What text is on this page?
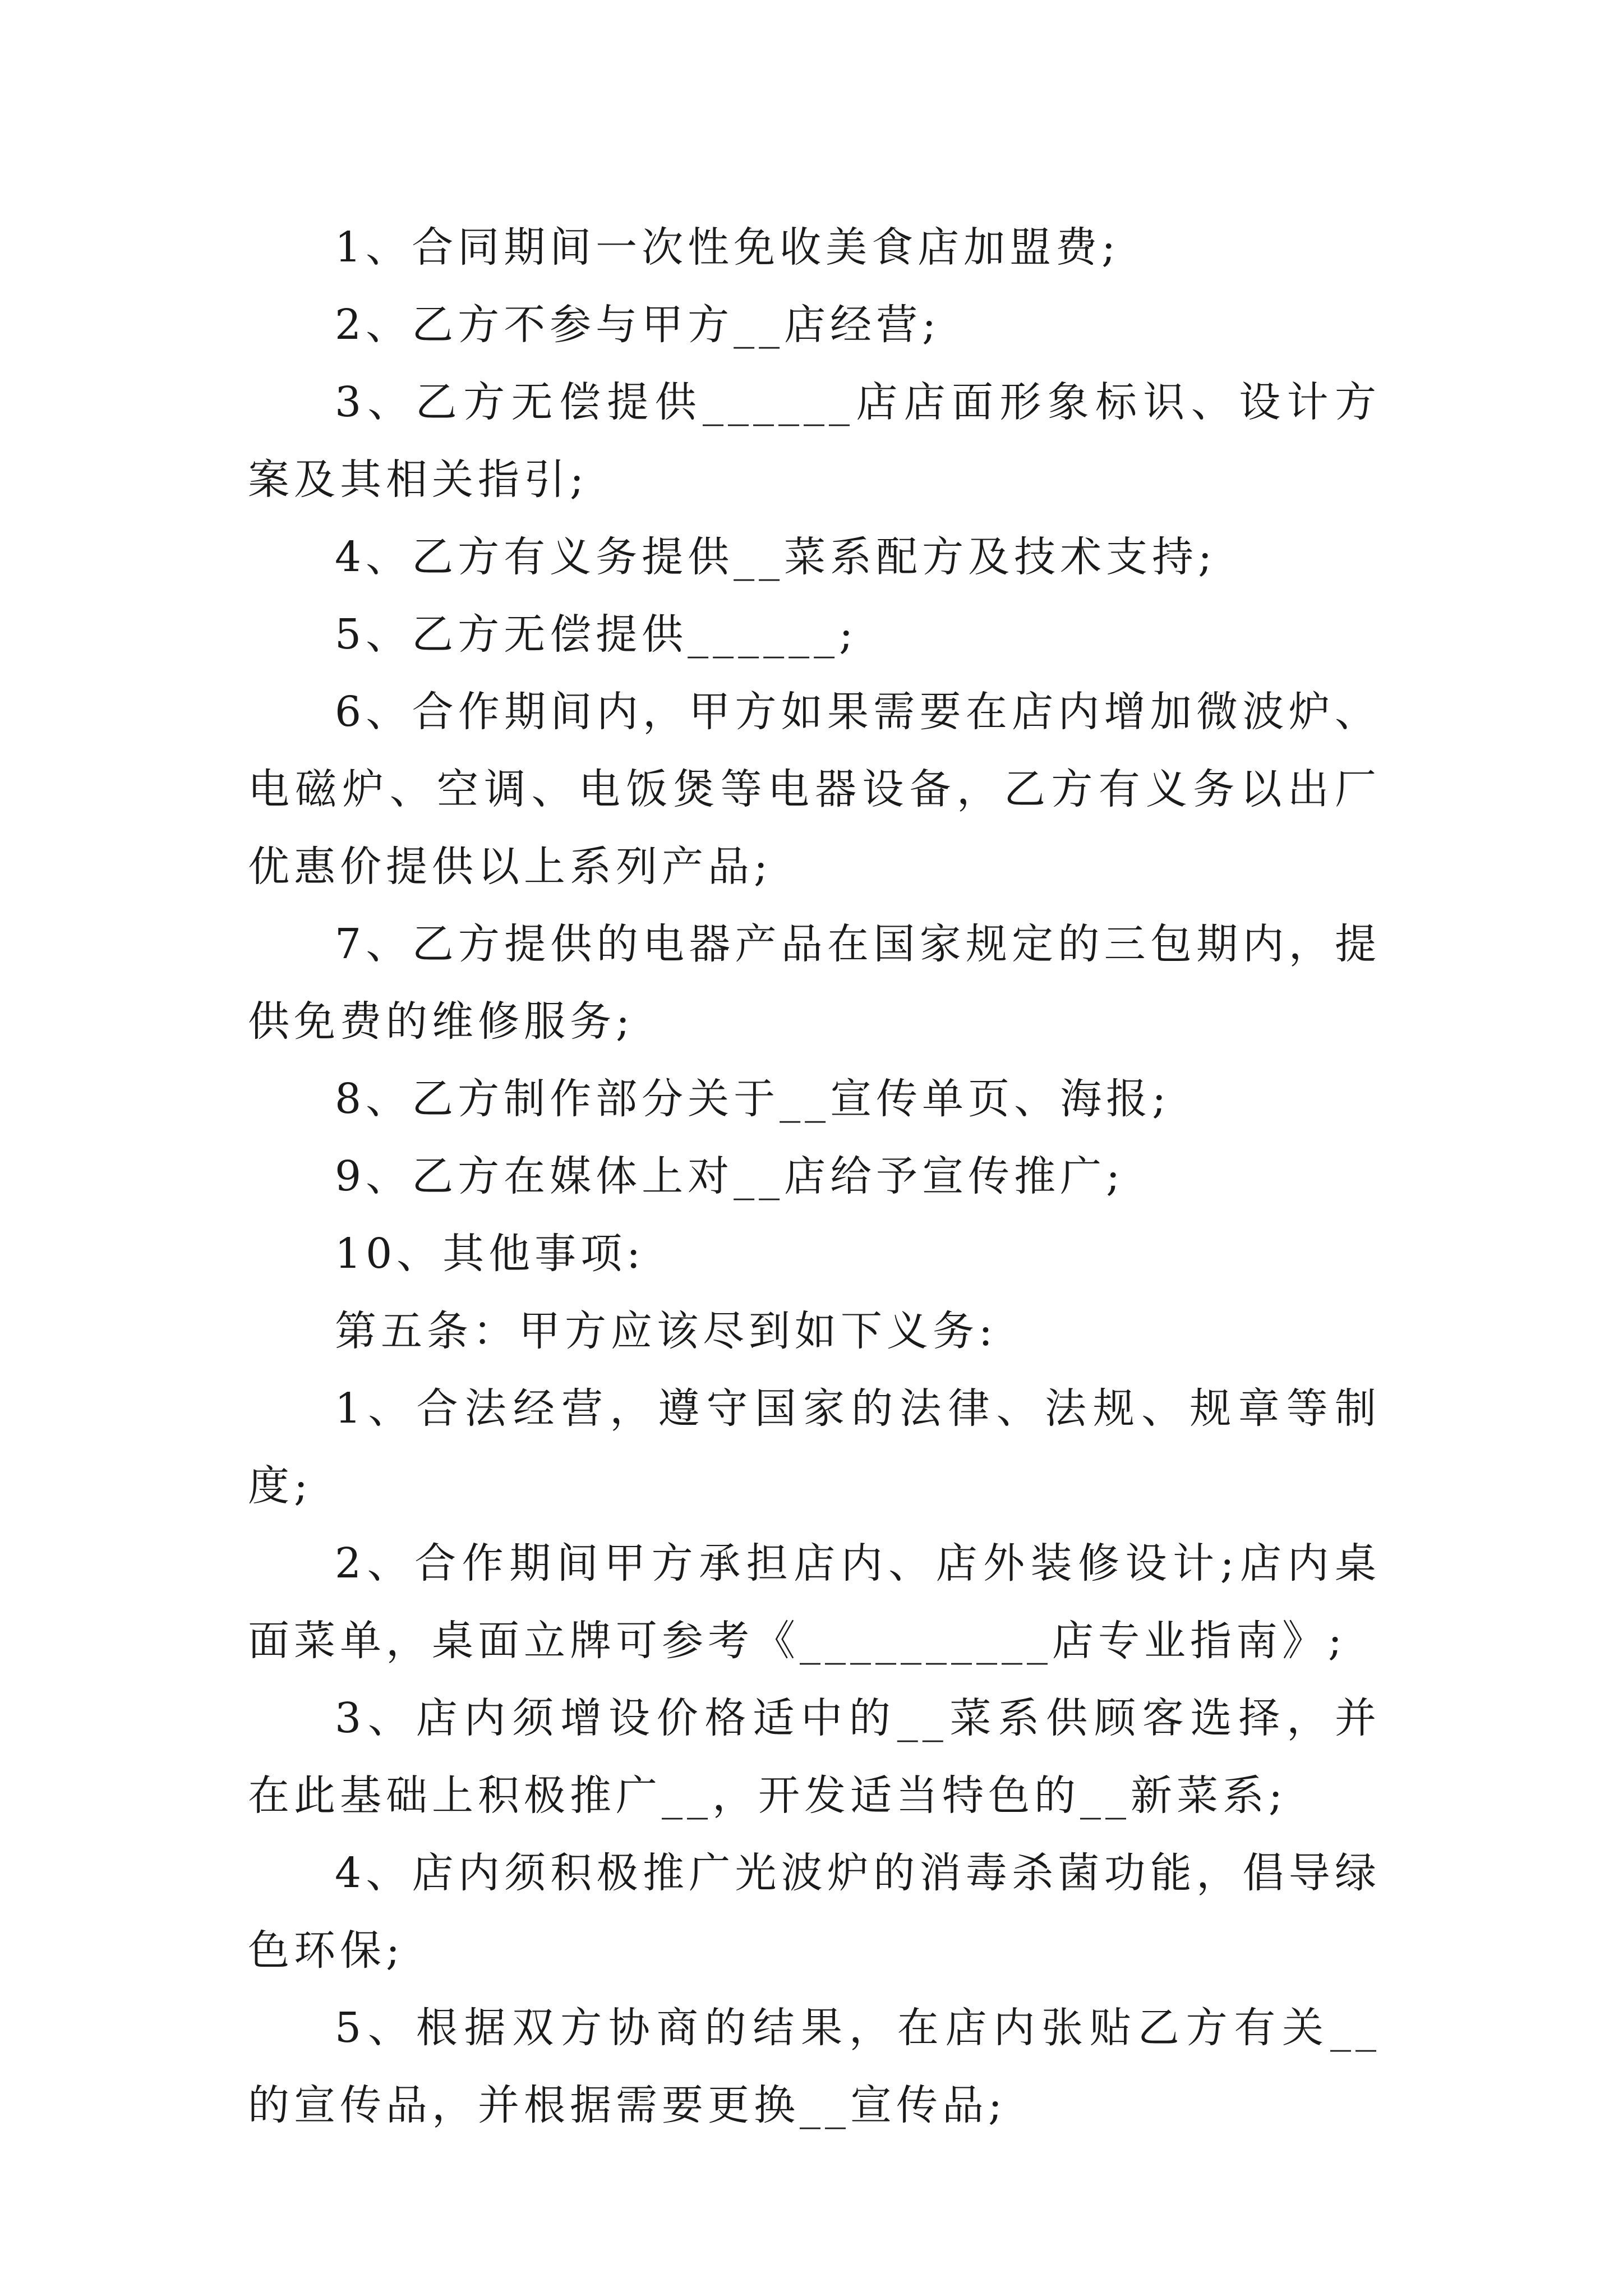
1、合同期间一次性免收美食店加盟费;

2、乙方不参与甲方__店经营;

3、乙方无偿提供______店店面形象标识、设计方案及其相关指引;

4、乙方有义务提供__菜系配方及技术支持;

5、乙方无偿提供______;

6、合作期间内，甲方如果需要在店内增加微波炉、电磁炉、空调、电饭煲等电器设备，乙方有义务以出厂优惠价提供以上系列产品;

7、乙方提供的电器产品在国家规定的三包期内，提供免费的维修服务;

8、乙方制作部分关于__宣传单页、海报;

9、乙方在媒体上对__店给予宣传推广;

10、其他事项:

第五条：甲方应该尽到如下义务:

1、合法经营，遵守国家的法律、法规、规章等制度;

2、合作期间甲方承担店内、店外装修设计;店内桌面菜单，桌面立牌可参考《__________店专业指南》;

3、店内须增设价格适中的__菜系供顾客选择，并在此基础上积极推广__，开发适当特色的__新菜系;

4、店内须积极推广光波炉的消毒杀菌功能，倡导绿色环保;

5、根据双方协商的结果，在店内张贴乙方有关__的宣传品，并根据需要更换__宣传品;
